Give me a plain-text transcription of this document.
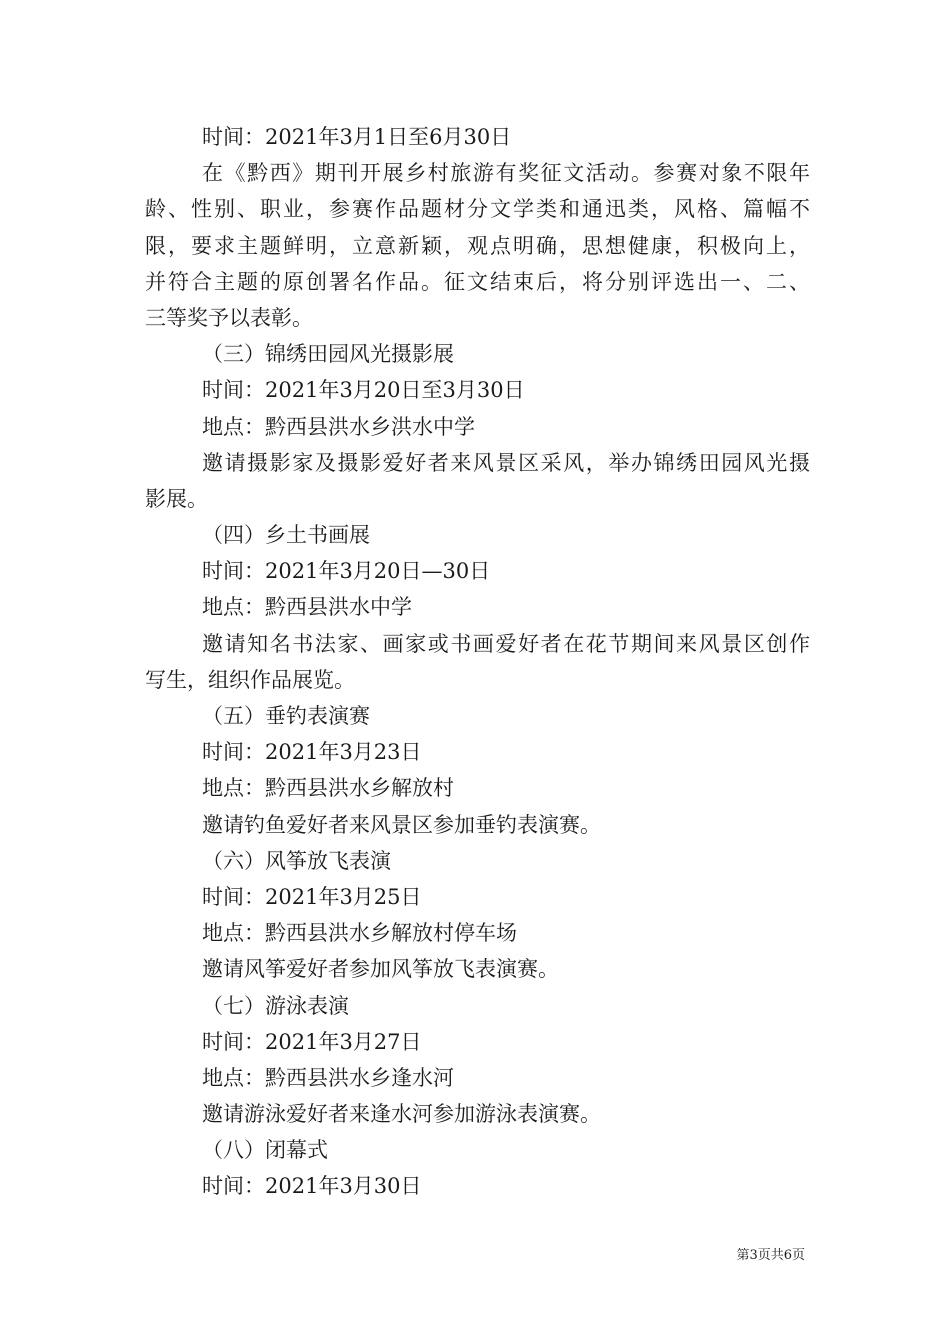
时间：2021年3月1日至6月30日
在《黔西》期刊开展乡村旅游有奖征文活动。参赛对象不限年
龄、性别、职业，参赛作品题材分文学类和通迅类，风格、篇幅不
限，要求主题鲜明，立意新颖，观点明确，思想健康，积极向上，
并符合主题的原创署名作品。征文结束后，将分别评选出一、二、
三等奖予以表彰。
（三）锦绣田园风光摄影展
时间：2021年3月20日至3月30日
地点：黔西县洪水乡洪水中学
邀请摄影家及摄影爱好者来风景区采风，举办锦绣田园风光摄
影展。
（四）乡土书画展
时间：2021年3月20日—30日
地点：黔西县洪水中学
邀请知名书法家、画家或书画爱好者在花节期间来风景区创作
写生，组织作品展览。
（五）垂钓表演赛
时间：2021年3月23日
地点：黔西县洪水乡解放村
邀请钓鱼爱好者来风景区参加垂钓表演赛。
（六）风筝放飞表演
时间：2021年3月25日
地点：黔西县洪水乡解放村停车场
邀请风筝爱好者参加风筝放飞表演赛。
（七）游泳表演
时间：2021年3月27日
地点：黔西县洪水乡逢水河
邀请游泳爱好者来逢水河参加游泳表演赛。
（八）闭幕式
时间：2021年3月30日
第3页共6页
